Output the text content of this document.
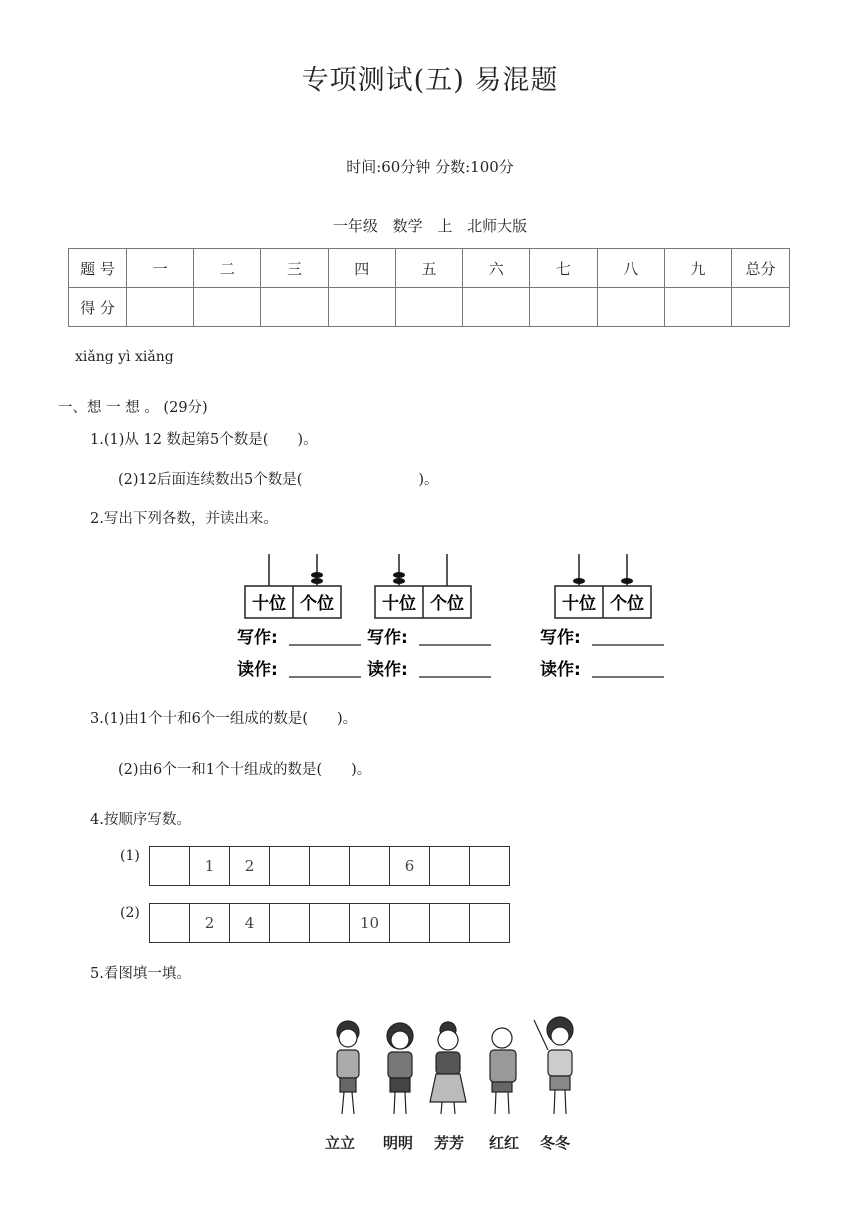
专项测试(五) 易混题
时间:60分钟 分数:100分
一年级 数学 上 北师大版
题 号	一	二	三	四	五	六	七	八	九	总分
得 分										
xiǎng yì xiǎng
一、想 一 想 。 (29分)
1.(1)从 12 数起第5个数是(　　)。
(2)12后面连续数出5个数是(　　　　　　　　)。
2.写出下列各数，并读出来。
十位 个位
写作:
读作:
十位 个位
写作:
读作:
十位 个位
写作:
读作:
3.(1)由1个十和6个一组成的数是(　　)。
(2)由6个一和1个十组成的数是(　　)。
4.按顺序写数。
(1)
	1	2				6		
(2)
	2	4			10			
5.看图填一填。
立立 明明 芳芳 红红 冬冬
